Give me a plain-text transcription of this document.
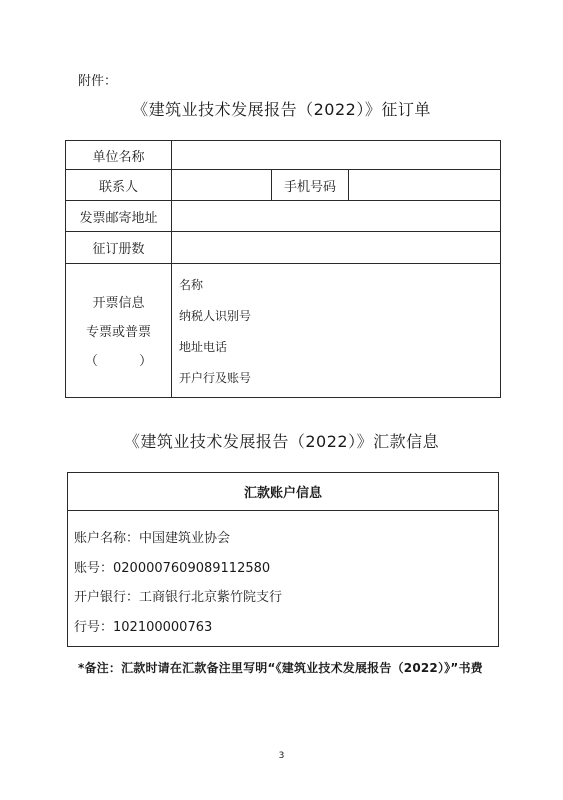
附件：
《建筑业技术发展报告（2022）》征订单
单位名称
联系人	手机号码
发票邮寄地址
征订册数
开票信息
专票或普票
（          ）
名称
纳税人识别号
地址电话
开户行及账号
《建筑业技术发展报告（2022）》汇款信息
汇款账户信息
账户名称：中国建筑业协会
账号：0200007609089112580
开户银行：工商银行北京紫竹院支行
行号：102100000763
*备注：汇款时请在汇款备注里写明“《建筑业技术发展报告（2022）》”书费
3
